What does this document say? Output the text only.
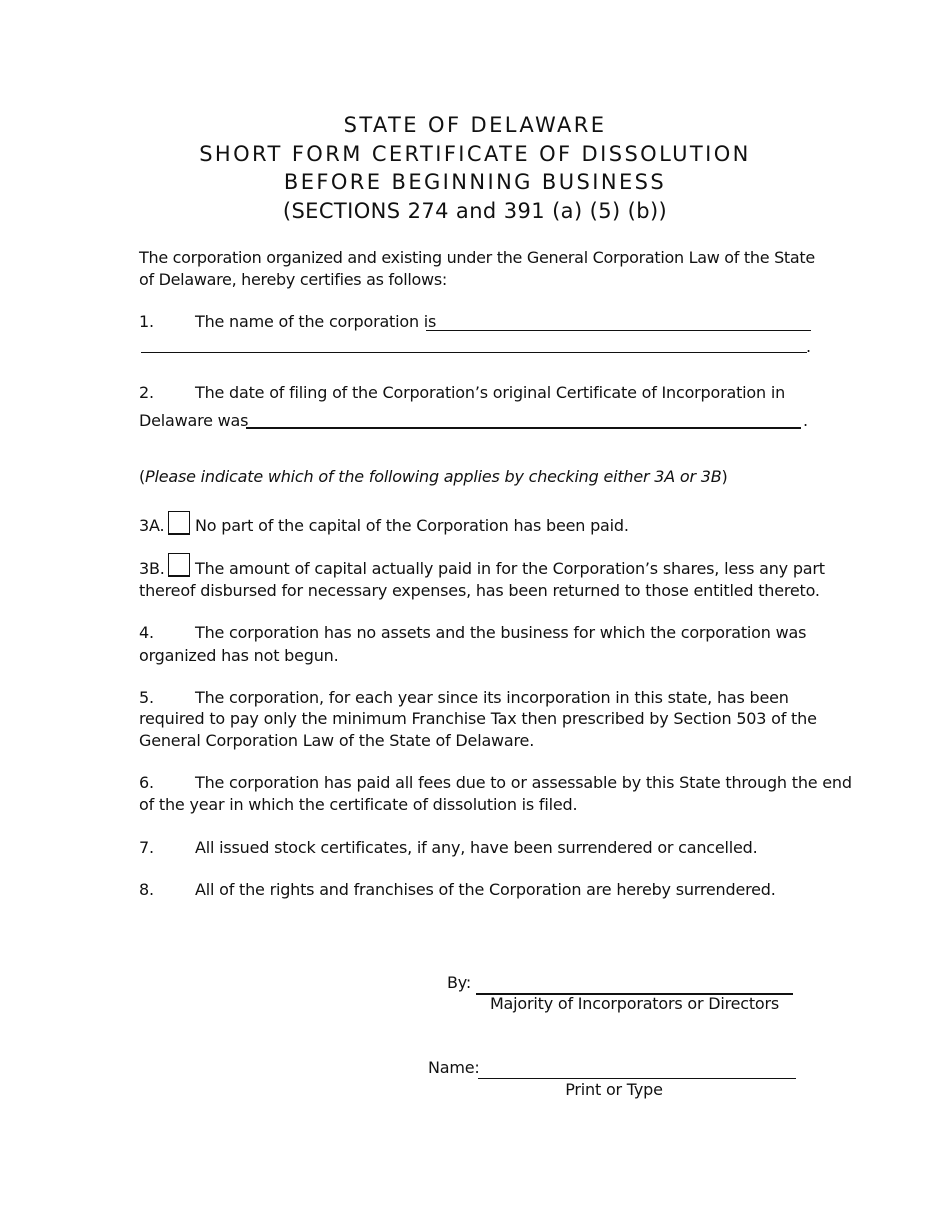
STATE OF DELAWARE
SHORT FORM CERTIFICATE OF DISSOLUTION
BEFORE BEGINNING BUSINESS
(SECTIONS 274 and 391 (a) (5) (b))
The corporation organized and existing under the General Corporation Law of the State of Delaware, hereby certifies as follows:
1.	The name of the corporation is
.
2.	The date of filing of the Corporation’s original Certificate of Incorporation in
Delaware was	.
(Please indicate which of the following applies by checking either 3A or 3B)
3A. No part of the capital of the Corporation has been paid.
3B. The amount of capital actually paid in for the Corporation’s shares, less any part
thereof disbursed for necessary expenses, has been returned to those entitled thereto.
4.	The corporation has no assets and the business for which the corporation was
organized has not begun.
5.	The corporation, for each year since its incorporation in this state, has been
required to pay only the minimum Franchise Tax then prescribed by Section 503 of the
General Corporation Law of the State of Delaware.
6.	The corporation has paid all fees due to or assessable by this State through the end
of the year in which the certificate of dissolution is filed.
7.	All issued stock certificates, if any, have been surrendered or cancelled.
8.	All of the rights and franchises of the Corporation are hereby surrendered.
By:
Majority of Incorporators or Directors
Name:
Print or Type
